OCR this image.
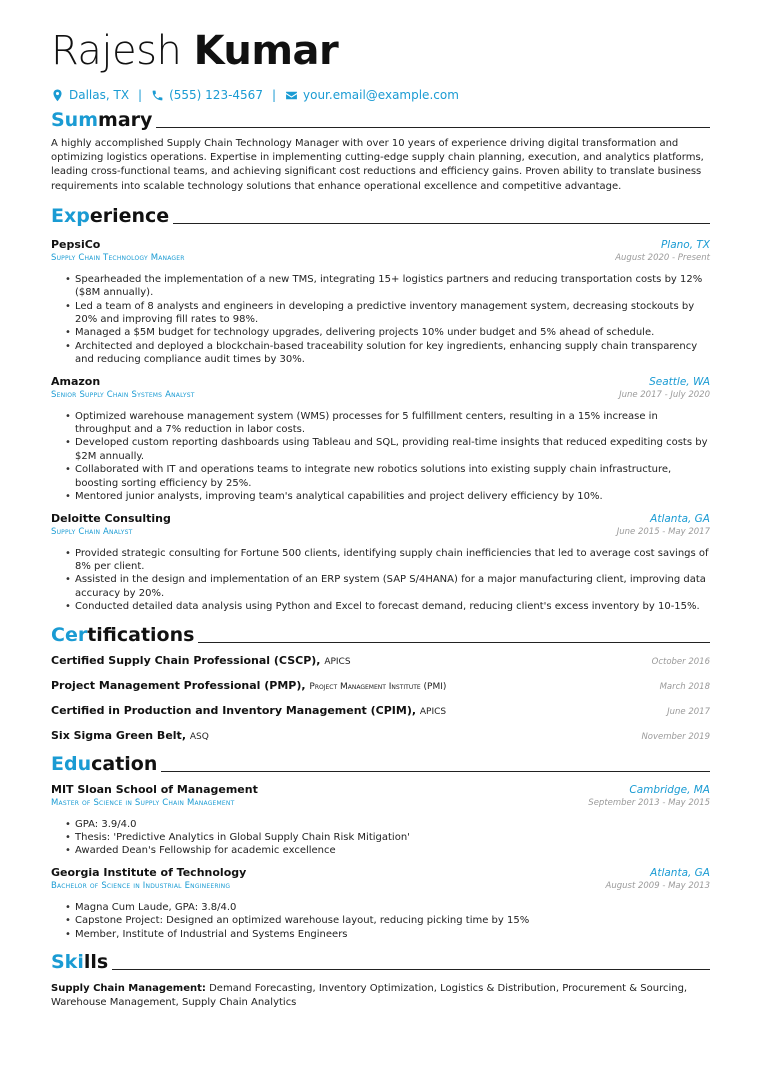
Rajesh Kumar
Dallas, TX | (555) 123-4567 | your.email@example.com
Summary

A highly accomplished Supply Chain Technology Manager with over 10 years of experience driving digital transformation and optimizing logistics operations. Expertise in implementing cutting-edge supply chain planning, execution, and analytics platforms, leading cross-functional teams, and achieving significant cost reductions and efficiency gains. Proven ability to translate business requirements into scalable technology solutions that enhance operational excellence and competitive advantage.

Experience
PepsiCo	Plano, TX
Supply Chain Technology Manager	August 2020 - Present
• Spearheaded the implementation of a new TMS, integrating 15+ logistics partners and reducing transportation costs by 12% ($8M annually).
• Led a team of 8 analysts and engineers in developing a predictive inventory management system, decreasing stockouts by 20% and improving fill rates to 98%.
• Managed a $5M budget for technology upgrades, delivering projects 10% under budget and 5% ahead of schedule.
• Architected and deployed a blockchain-based traceability solution for key ingredients, enhancing supply chain transparency and reducing compliance audit times by 30%.
Amazon	Seattle, WA
Senior Supply Chain Systems Analyst	June 2017 - July 2020
• Optimized warehouse management system (WMS) processes for 5 fulfillment centers, resulting in a 15% increase in throughput and a 7% reduction in labor costs.
• Developed custom reporting dashboards using Tableau and SQL, providing real-time insights that reduced expediting costs by $2M annually.
• Collaborated with IT and operations teams to integrate new robotics solutions into existing supply chain infrastructure, boosting sorting efficiency by 25%.
• Mentored junior analysts, improving team's analytical capabilities and project delivery efficiency by 10%.
Deloitte Consulting	Atlanta, GA
Supply Chain Analyst	June 2015 - May 2017
• Provided strategic consulting for Fortune 500 clients, identifying supply chain inefficiencies that led to average cost savings of 8% per client.
• Assisted in the design and implementation of an ERP system (SAP S/4HANA) for a major manufacturing client, improving data accuracy by 20%.
• Conducted detailed data analysis using Python and Excel to forecast demand, reducing client's excess inventory by 10-15%.
Certifications
Certified Supply Chain Professional (CSCP), APICS	October 2016
Project Management Professional (PMP), Project Management Institute (PMI)	March 2018
Certified in Production and Inventory Management (CPIM), APICS	June 2017
Six Sigma Green Belt, ASQ	November 2019
Education
MIT Sloan School of Management	Cambridge, MA
Master of Science in Supply Chain Management	September 2013 - May 2015
• GPA: 3.9/4.0
• Thesis: 'Predictive Analytics in Global Supply Chain Risk Mitigation'
• Awarded Dean's Fellowship for academic excellence
Georgia Institute of Technology	Atlanta, GA
Bachelor of Science in Industrial Engineering	August 2009 - May 2013
• Magna Cum Laude, GPA: 3.8/4.0
• Capstone Project: Designed an optimized warehouse layout, reducing picking time by 15%
• Member, Institute of Industrial and Systems Engineers
Skills

Supply Chain Management: Demand Forecasting, Inventory Optimization, Logistics & Distribution, Procurement & Sourcing, Warehouse Management, Supply Chain Analytics
